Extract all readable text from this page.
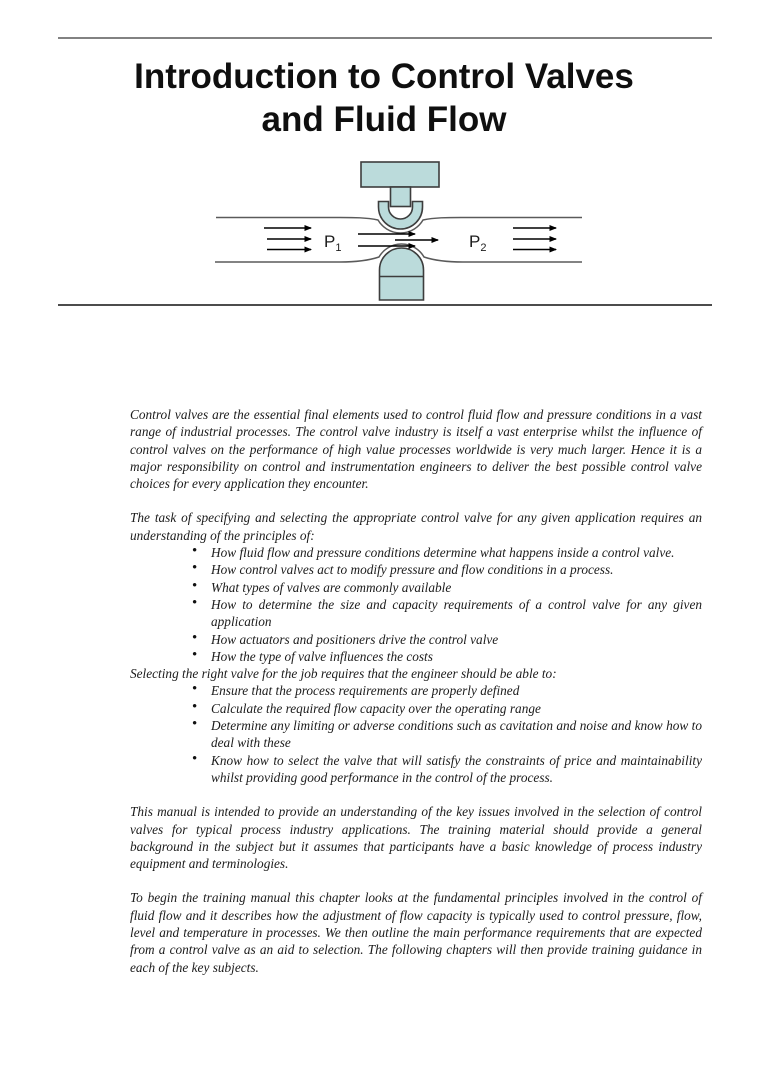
Introduction to Control Valves
and Fluid Flow
$P_1$	$P_2$

Control valves are the essential final elements used to control fluid flow and pressure conditions in a vast range of industrial processes. The control valve industry is itself a vast enterprise whilst the influence of control valves on the performance of high value processes worldwide is very much larger. Hence it is a major responsibility on control and instrumentation engineers to deliver the best possible control valve choices for every application they encounter.

The task of specifying and selecting the appropriate control valve for any given application requires an understanding of the principles of:

• How fluid flow and pressure conditions determine what happens inside a control valve.
• How control valves act to modify pressure and flow conditions in a process.
• What types of valves are commonly available
• How to determine the size and capacity requirements of a control valve for any given application
• How actuators and positioners drive the control valve
• How the type of valve influences the costs

Selecting the right valve for the job requires that the engineer should be able to:

• Ensure that the process requirements are properly defined
• Calculate the required flow capacity over the operating range
• Determine any limiting or adverse conditions such as cavitation and noise and know how to deal with these
• Know how to select the valve that will satisfy the constraints of price and maintainability whilst providing good performance in the control of the process.

This manual is intended to provide an understanding of the key issues involved in the selection of control valves for typical process industry applications. The training material should provide a general background in the subject but it assumes that participants have a basic knowledge of process industry equipment and terminologies.

To begin the training manual this chapter looks at the fundamental principles involved in the control of fluid flow and it describes how the adjustment of flow capacity is typically used to control pressure, flow, level and temperature in processes. We then outline the main performance requirements that are expected from a control valve as an aid to selection. The following chapters will then provide training guidance in each of the key subjects.
